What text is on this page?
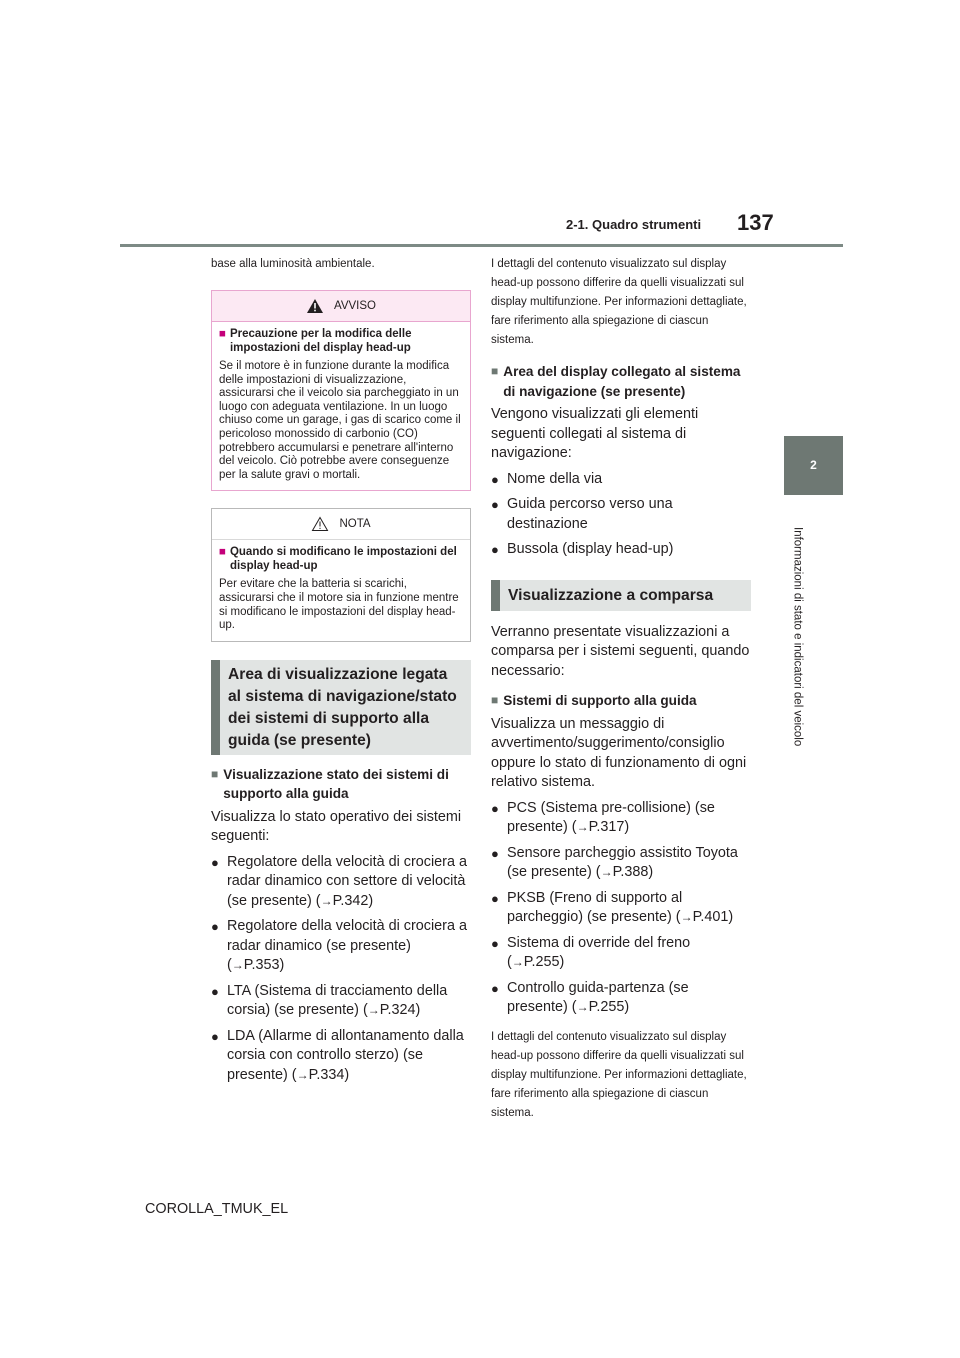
2-1. Quadro strumenti 137
2
Informazioni di stato e indicatori del veicolo
base alla luminosità ambientale.
AVVISO
■ Precauzione per la modifica delle impostazioni del display head-up
Se il motore è in funzione durante la modifica delle impostazioni di visualizzazione, assicurarsi che il veicolo sia parcheggiato in un luogo con adeguata ventilazione. In un luogo chiuso come un garage, i gas di scarico come il pericoloso monossido di carbonio (CO) potrebbero accumularsi e penetrare all'interno del veicolo. Ciò potrebbe avere conseguenze per la salute gravi o mortali.
NOTA
■ Quando si modificano le impostazioni del display head-up
Per evitare che la batteria si scarichi, assicurarsi che il motore sia in funzione mentre si modificano le impostazioni del display head-up.
Area di visualizzazione legata al sistema di navigazione/stato dei sistemi di supporto alla guida (se presente)
■ Visualizzazione stato dei sistemi di supporto alla guida
Visualizza lo stato operativo dei sistemi seguenti:
● Regolatore della velocità di crociera a radar dinamico con settore di velocità (se presente) (→P.342)
● Regolatore della velocità di crociera a radar dinamico (se presente) (→P.353)
● LTA (Sistema di tracciamento della corsia) (se presente) (→P.324)
● LDA (Allarme di allontanamento dalla corsia con controllo sterzo) (se presente) (→P.334)
I dettagli del contenuto visualizzato sul display head-up possono differire da quelli visualizzati sul display multifunzione. Per informazioni dettagliate, fare riferimento alla spiegazione di ciascun sistema.
■ Area del display collegato al sistema di navigazione (se presente)
Vengono visualizzati gli elementi seguenti collegati al sistema di navigazione:
● Nome della via
● Guida percorso verso una destinazione
● Bussola (display head-up)
Visualizzazione a comparsa
Verranno presentate visualizzazioni a comparsa per i sistemi seguenti, quando necessario:
■ Sistemi di supporto alla guida
Visualizza un messaggio di avvertimento/suggerimento/consiglio oppure lo stato di funzionamento di ogni relativo sistema.
● PCS (Sistema pre-collisione) (se presente) (→P.317)
● Sensore parcheggio assistito Toyota (se presente) (→P.388)
● PKSB (Freno di supporto al parcheggio) (se presente) (→P.401)
● Sistema di override del freno (→P.255)
● Controllo guida-partenza (se presente) (→P.255)
I dettagli del contenuto visualizzato sul display head-up possono differire da quelli visualizzati sul display multifunzione. Per informazioni dettagliate, fare riferimento alla spiegazione di ciascun sistema.
COROLLA_TMUK_EL
